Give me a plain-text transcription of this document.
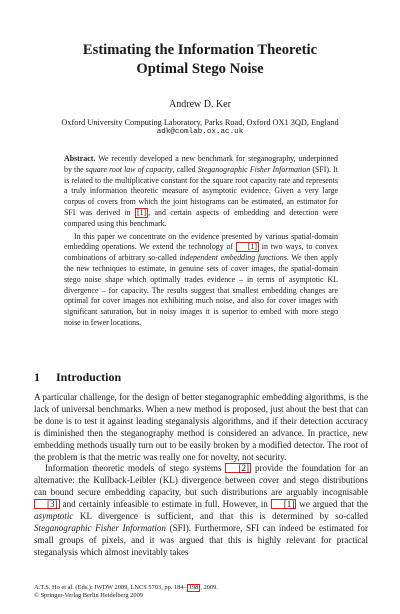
Estimating the Information Theoretic
Optimal Stego Noise
Andrew D. Ker
Oxford University Computing Laboratory, Parks Road, Oxford OX1 3QD, England
adk@comlab.ox.ac.uk

Abstract. We recently developed a new benchmark for steganography, underpinned by the square root law of capacity, called Steganographic Fisher Information (SFI). It is related to the multiplicative constant for the square root capacity rate and represents a truly information theoretic measure of asymptotic evidence. Given a very large corpus of covers from which the joint histograms can be estimated, an estimator for SFI was derived in [1] , and certain aspects of embedding and detection were compared using this benchmark.

In this paper we concentrate on the evidence presented by various spatial-domain embedding operations. We extend the technology of [1] in two ways, to convex combinations of arbitrary so-called independent embedding functions. We then apply the new techniques to estimate, in genuine sets of cover images, the spatial-domain stego noise shape which optimally trades evidence – in terms of asymptotic KL divergence – for capacity. The results suggest that smallest embedding changes are optimal for cover images not exhibiting much noise, and also for cover images with significant saturation, but in noisy images it is superior to embed with more stego noise in fewer locations.

1 Introduction

A particular challenge, for the design of better steganographic embedding algorithms, is the lack of universal benchmarks. When a new method is proposed, just about the best that can be done is to test it against leading steganalysis algorithms, and if their detection accuracy is diminished then the steganography method is considered an advance. In practice, new embedding methods usually turn out to be easily broken by a modified detector. The root of the problem is that the metric was really one for novelty, not security.

Information theoretic models of stego systems [2] provide the foundation for an alternative: the Kullback-Leibler (KL) divergence between cover and stego distributions can bound secure embedding capacity, but such distributions are arguably incognisable [3] and certainly infeasible to estimate in full. However, in [1] we argued that the asymptotic KL divergence is sufficient, and that this is determined by so-called Steganographic Fisher Information (SFI). Furthermore, SFI can indeed be estimated for small groups of pixels, and it was argued that this is highly relevant for practical steganalysis which almost inevitably takes

A.T.S. Ho et al. (Eds.): IWDW 2009, LNCS 5703, pp. 184– 198 , 2009.
© Springer-Verlag Berlin Heidelberg 2009
